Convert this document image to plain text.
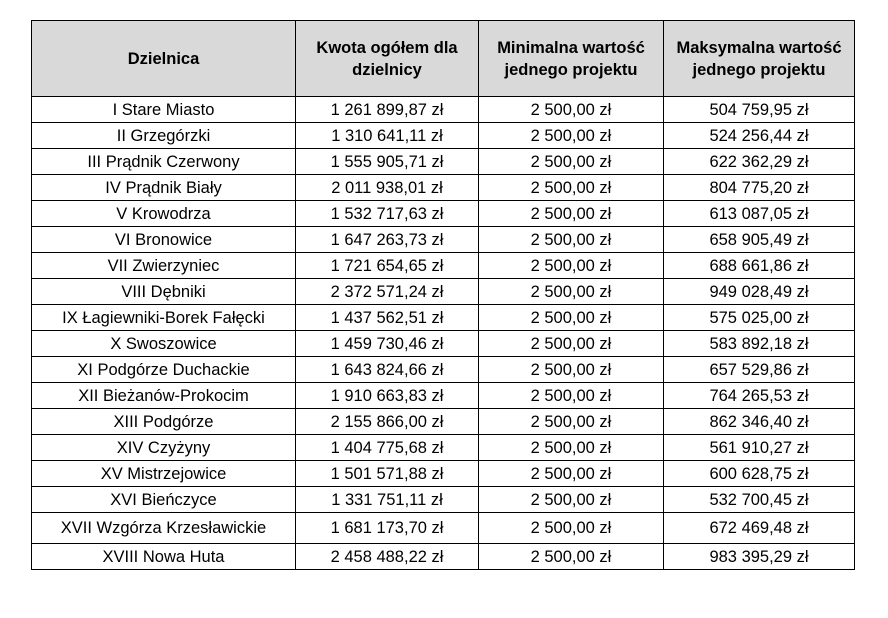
Dzielnica	Kwota ogółem dla dzielnicy	Minimalna wartość jednego projektu	Maksymalna wartość jednego projektu
I Stare Miasto	1 261 899,87 zł	2 500,00 zł	504 759,95 zł
II Grzegórzki	1 310 641,11 zł	2 500,00 zł	524 256,44 zł
III Prądnik Czerwony	1 555 905,71 zł	2 500,00 zł	622 362,29 zł
IV Prądnik Biały	2 011 938,01 zł	2 500,00 zł	804 775,20 zł
V Krowodrza	1 532 717,63 zł	2 500,00 zł	613 087,05 zł
VI Bronowice	1 647 263,73 zł	2 500,00 zł	658 905,49 zł
VII Zwierzyniec	1 721 654,65 zł	2 500,00 zł	688 661,86 zł
VIII Dębniki	2 372 571,24 zł	2 500,00 zł	949 028,49 zł
IX Łagiewniki-Borek Fałęcki	1 437 562,51 zł	2 500,00 zł	575 025,00 zł
X Swoszowice	1 459 730,46 zł	2 500,00 zł	583 892,18 zł
XI Podgórze Duchackie	1 643 824,66 zł	2 500,00 zł	657 529,86 zł
XII Bieżanów-Prokocim	1 910 663,83 zł	2 500,00 zł	764 265,53 zł
XIII Podgórze	2 155 866,00 zł	2 500,00 zł	862 346,40 zł
XIV Czyżyny	1 404 775,68 zł	2 500,00 zł	561 910,27 zł
XV Mistrzejowice	1 501 571,88 zł	2 500,00 zł	600 628,75 zł
XVI Bieńczyce	1 331 751,11 zł	2 500,00 zł	532 700,45 zł
XVII Wzgórza Krzesławickie	1 681 173,70 zł	2 500,00 zł	672 469,48 zł
XVIII Nowa Huta	2 458 488,22 zł	2 500,00 zł	983 395,29 zł
